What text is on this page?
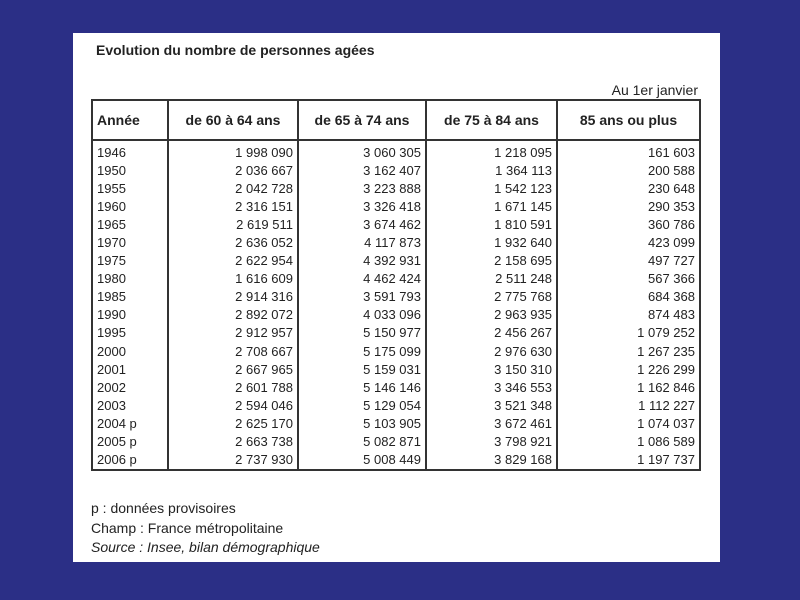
Evolution du nombre de personnes agées
Au 1er janvier
Année	de 60 à 64 ans	de 65 à 74 ans	de 75 à 84 ans	85 ans ou plus
1946	1 998 090	3 060 305	1 218 095	161 603
1950	2 036 667	3 162 407	1 364 113	200 588
1955	2 042 728	3 223 888	1 542 123	230 648
1960	2 316 151	3 326 418	1 671 145	290 353
1965	2 619 511	3 674 462	1 810 591	360 786
1970	2 636 052	4 117 873	1 932 640	423 099
1975	2 622 954	4 392 931	2 158 695	497 727
1980	1 616 609	4 462 424	2 511 248	567 366
1985	2 914 316	3 591 793	2 775 768	684 368
1990	2 892 072	4 033 096	2 963 935	874 483
1995	2 912 957	5 150 977	2 456 267	1 079 252
2000	2 708 667	5 175 099	2 976 630	1 267 235
2001	2 667 965	5 159 031	3 150 310	1 226 299
2002	2 601 788	5 146 146	3 346 553	1 162 846
2003	2 594 046	5 129 054	3 521 348	1 112 227
2004 p	2 625 170	5 103 905	3 672 461	1 074 037
2005 p	2 663 738	5 082 871	3 798 921	1 086 589
2006 p	2 737 930	5 008 449	3 829 168	1 197 737
p : données provisoires
Champ : France métropolitaine
Source : Insee, bilan démographique
